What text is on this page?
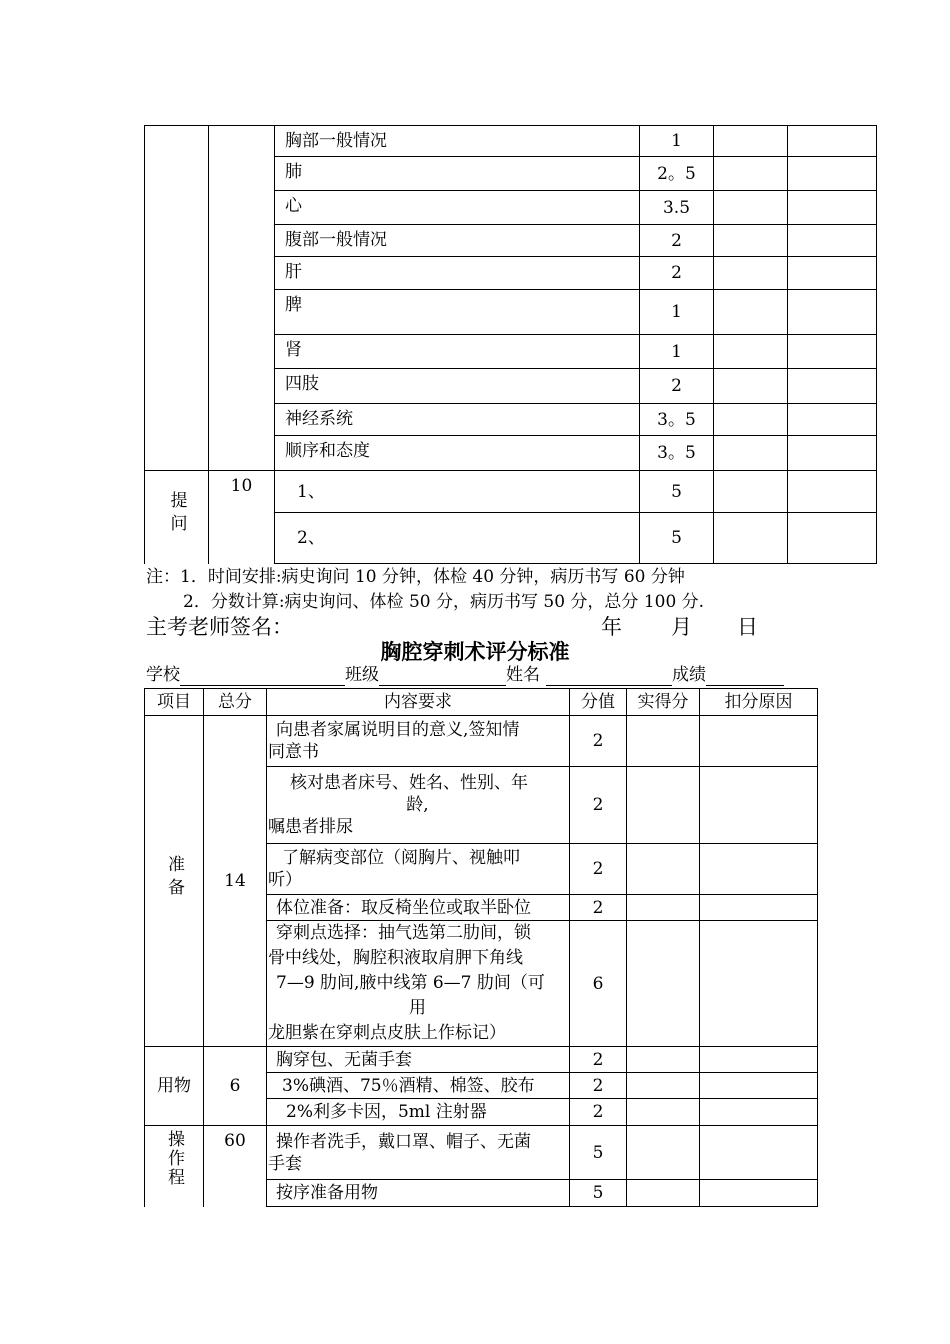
		胸部一般情况	1		
		肺	2。5		
		心	3.5		
		腹部一般情况	2		
		肝	2		
		脾	1		
		肾	1		
		四肢	2		
		神经系统	3。5		
		顺序和态度	3。5		
提问	10	1、	5		
		2、	5		
注：1．时间安排:病史询问 10 分钟，体检 40 分钟，病历书写 60 分钟
2．分数计算:病史询问、体检 50 分，病历书写 50 分，总分 100 分.
主考老师签名：	年 月 日
胸腔穿刺术评分标准
学校	班级	姓名	成绩
项目	总分	内容要求	分值	实得分	扣分原因
准备	14	向患者家属说明目的意义,签知情
同意书	2		
		核对患者床号、姓名、性别、年

龄,
嘱患者排尿	2		
		了解病变部位（阅胸片、视触叩
听）	2		
		体位准备：取反椅坐位或取半卧位	2		
		穿刺点选择：抽气选第二肋间，锁
骨中线处，胸腔积液取肩胛下角线
7—9 肋间,腋中线第 6—7 肋间（可

用
龙胆紫在穿刺点皮肤上作标记）	6		
用物	6	胸穿包、无菌手套	2		
		3%碘酒、75％酒精、棉签、胶布	2		
		2%利多卡因，5ml 注射器	2		
操作程	60	操作者洗手，戴口罩、帽子、无菌
手套	5		
		按序准备用物	5		
